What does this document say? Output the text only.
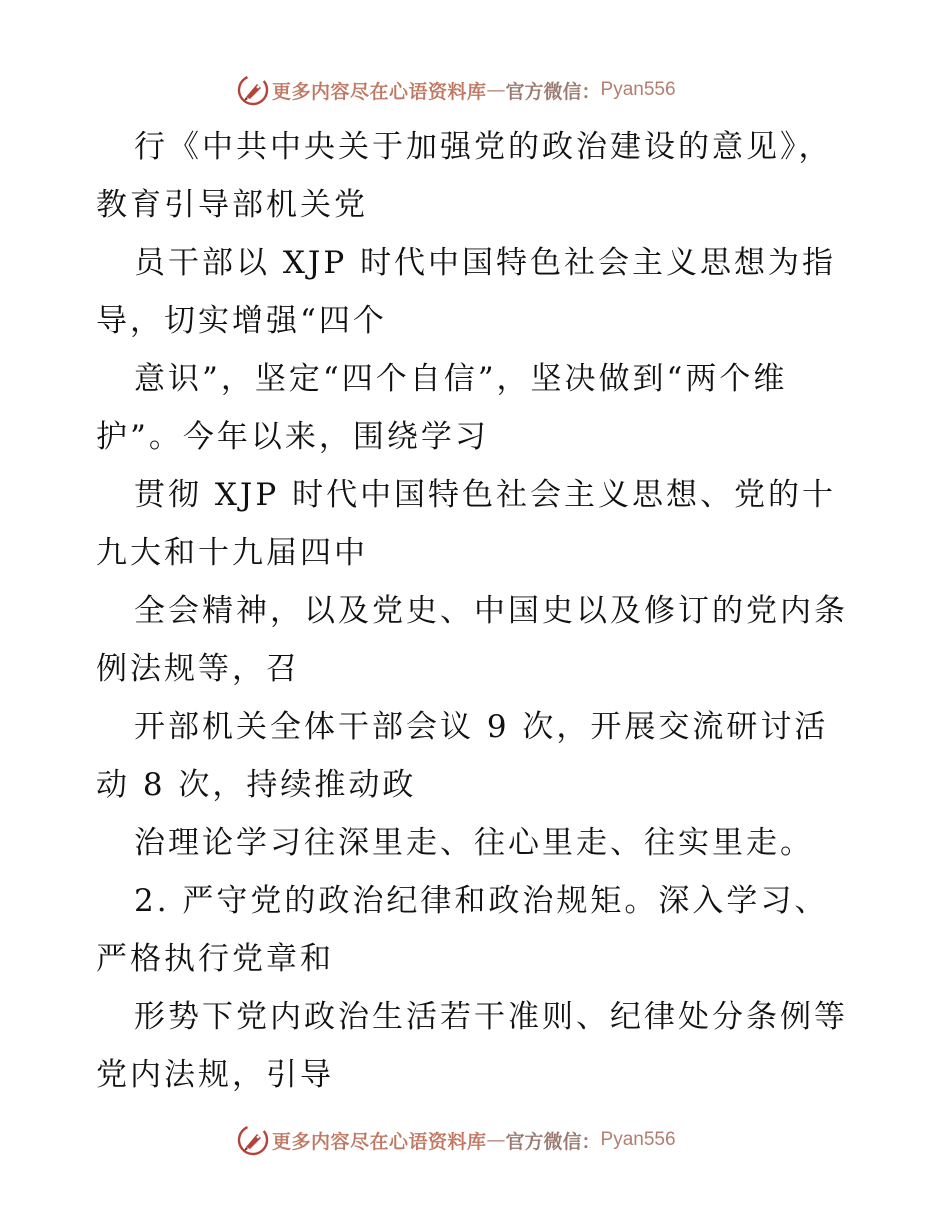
更多内容尽在心语资料库 — 官方微信： Pyan556
行《中共中央关于加强党的政治建设的意见》，
教育引导部机关党
员干部以 XJP 时代中国特色社会主义思想为指
导，切实增强“四个
意识”，坚定“四个自信”，坚决做到“两个维
护”。今年以来，围绕学习
贯彻 XJP 时代中国特色社会主义思想、党的十
九大和十九届四中
全会精神，以及党史、中国史以及修订的党内条
例法规等，召
开部机关全体干部会议 9 次，开展交流研讨活
动 8 次，持续推动政
治理论学习往深里走、往心里走、往实里走。
2. 严守党的政治纪律和政治规矩。深入学习、
严格执行党章和
形势下党内政治生活若干准则、纪律处分条例等
党内法规，引导
更多内容尽在心语资料库 — 官方微信： Pyan556
